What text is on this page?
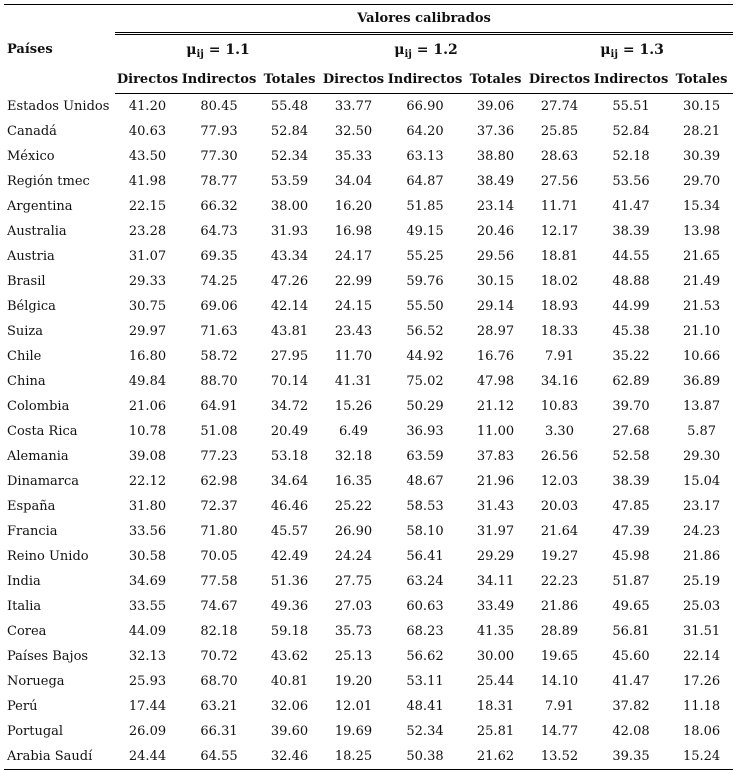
Países	Valores calibrados								
	$\mu_{ij} = 1.1$			$\mu_{ij} = 1.2$			$\mu_{ij} = 1.3$		
	Directos	Indirectos	Totales	Directos	Indirectos	Totales	Directos	Indirectos	Totales
Estados Unidos	41.20	80.45	55.48	33.77	66.90	39.06	27.74	55.51	30.15
Canadá	40.63	77.93	52.84	32.50	64.20	37.36	25.85	52.84	28.21
México	43.50	77.30	52.34	35.33	63.13	38.80	28.63	52.18	30.39
Región tmec	41.98	78.77	53.59	34.04	64.87	38.49	27.56	53.56	29.70
Argentina	22.15	66.32	38.00	16.20	51.85	23.14	11.71	41.47	15.34
Australia	23.28	64.73	31.93	16.98	49.15	20.46	12.17	38.39	13.98
Austria	31.07	69.35	43.34	24.17	55.25	29.56	18.81	44.55	21.65
Brasil	29.33	74.25	47.26	22.99	59.76	30.15	18.02	48.88	21.49
Bélgica	30.75	69.06	42.14	24.15	55.50	29.14	18.93	44.99	21.53
Suiza	29.97	71.63	43.81	23.43	56.52	28.97	18.33	45.38	21.10
Chile	16.80	58.72	27.95	11.70	44.92	16.76	7.91	35.22	10.66
China	49.84	88.70	70.14	41.31	75.02	47.98	34.16	62.89	36.89
Colombia	21.06	64.91	34.72	15.26	50.29	21.12	10.83	39.70	13.87
Costa Rica	10.78	51.08	20.49	6.49	36.93	11.00	3.30	27.68	5.87
Alemania	39.08	77.23	53.18	32.18	63.59	37.83	26.56	52.58	29.30
Dinamarca	22.12	62.98	34.64	16.35	48.67	21.96	12.03	38.39	15.04
España	31.80	72.37	46.46	25.22	58.53	31.43	20.03	47.85	23.17
Francia	33.56	71.80	45.57	26.90	58.10	31.97	21.64	47.39	24.23
Reino Unido	30.58	70.05	42.49	24.24	56.41	29.29	19.27	45.98	21.86
India	34.69	77.58	51.36	27.75	63.24	34.11	22.23	51.87	25.19
Italia	33.55	74.67	49.36	27.03	60.63	33.49	21.86	49.65	25.03
Corea	44.09	82.18	59.18	35.73	68.23	41.35	28.89	56.81	31.51
Países Bajos	32.13	70.72	43.62	25.13	56.62	30.00	19.65	45.60	22.14
Noruega	25.93	68.70	40.81	19.20	53.11	25.44	14.10	41.47	17.26
Perú	17.44	63.21	32.06	12.01	48.41	18.31	7.91	37.82	11.18
Portugal	26.09	66.31	39.60	19.69	52.34	25.81	14.77	42.08	18.06
Arabia Saudí	24.44	64.55	32.46	18.25	50.38	21.62	13.52	39.35	15.24
